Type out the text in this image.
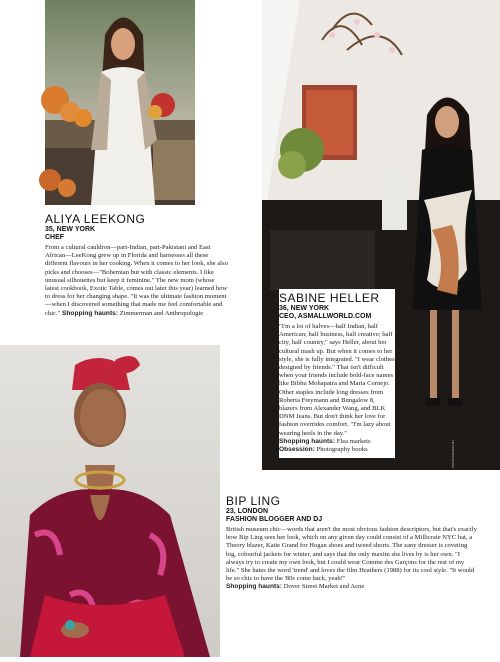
ALIYA LEEKONG
35, NEW YORK
CHEF
From a cultural cauldron—part-Indian, part-Pakistani and East African—LeeKong grew up in Florida and harnesses all these different flavours in her cooking. When it comes to her look, she also picks and chooses—"Bohemian but with classic elements. I like unusual silhouettes but keep it feminine." The new mom (whose latest cookbook, Exotic Table, comes out later this year) learned how to dress for her changing shape. "It was the ultimate fashion moment—when I discovered something that made me feel comfortable and chic." Shopping haunts: Zimmerman and Anthropologie
SABINE HELLER
36, NEW YORK
CEO, ASMALLWORLD.COM
"I'm a lot of halves—half Indian, half American; half business, half creative; half city, half country," says Heller, about her cultural mash up. But when it comes to her style, she is fully integrated. "I wear clothes designed by friends." That isn't difficult when your friends include bold-face names like Bibhu Mohapatra and Maria Cornejo. Other staples include long dresses from Roberta Freymann and Bungalow 8, blazers from Alexander Wang, and BLK DNM Jeans. But don't think her love for fashion overrides comfort. "I'm lazy about wearing heels in the day."
Shopping haunts: Flea markets
Obsession: Photography books	PHOTOGRAPHS BY
BIP LING
23, LONDON
FASHION BLOGGER AND DJ
British museum chic—words that aren't the most obvious fashion descriptors, but that's exactly how Bip Ling sees her look, which on any given day could consist of a Millicrate NYC hat, a Theory blazer, Katie Grand for Hogan shoes and tweed shorts. The zany dresser is coveting big, colourful jackets for winter, and says that the only maxim she lives by is her own. "I always try to create my own look, but I could wear Comme des Garçons for the rest of my life." She hates the word 'trend' and loves the film Heathers (1988) for its cool style. "It would be so chic to have the '80s come back, yeah!"
Shopping haunts: Dover Street Market and Acne
